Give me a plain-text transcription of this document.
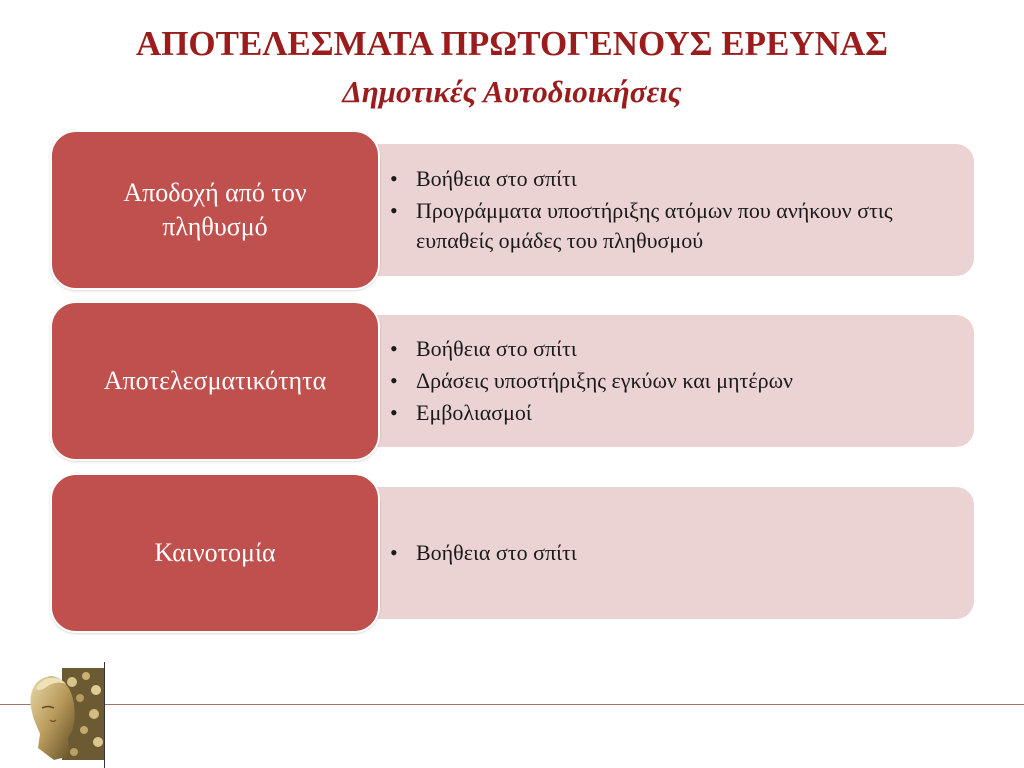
ΑΠΟΤΕΛΕΣΜΑΤΑ ΠΡΩΤΟΓΕΝΟΥΣ ΕΡΕΥΝΑΣ
Δημοτικές Αυτοδιοικήσεις
• Βοήθεια στο σπίτι
• Προγράμματα υποστήριξης ατόμων που ανήκουν στις ευπαθείς ομάδες του πληθυσμού
Αποδοχή από τον πληθυσμό
• Βοήθεια στο σπίτι
• Δράσεις υποστήριξης εγκύων και μητέρων
• Εμβολιασμοί
Αποτελεσματικότητα
• Βοήθεια στο σπίτι
Καινοτομία
